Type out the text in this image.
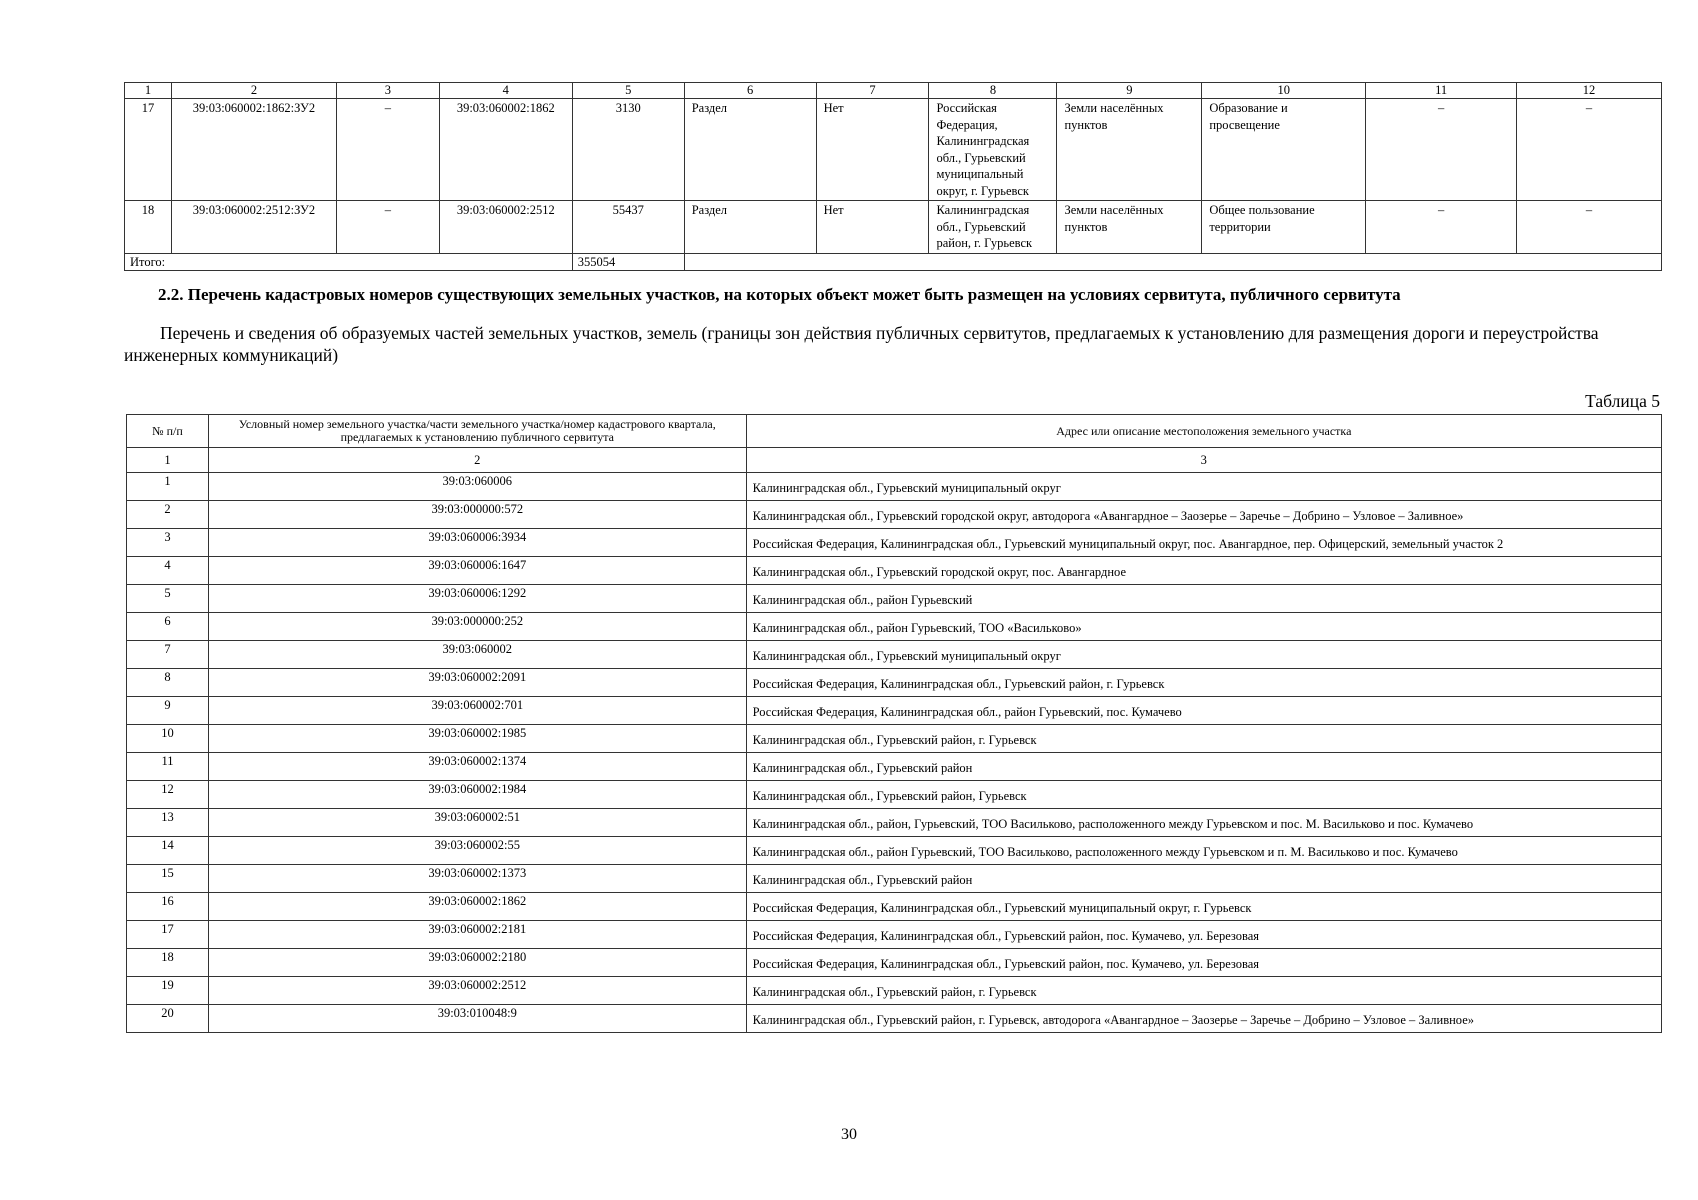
1	2	3	4	5	6	7	8	9	10	11	12
17	39:03:060002:1862:ЗУ2	–	39:03:060002:1862	3130	Раздел	Нет	Российская Федерация, Калининградская обл., Гурьевский муниципальный округ, г. Гурьевск	Земли населённых пунктов	Образование и просвещение	–	–
18	39:03:060002:2512:ЗУ2	–	39:03:060002:2512	55437	Раздел	Нет	Калининградская обл., Гурьевский район, г. Гурьевск	Земли населённых пунктов	Общее пользование территории	–	–
Итого:				355054							
2.2. Перечень кадастровых номеров существующих земельных участков, на которых объект может быть размещен на условиях сервитута, публичного сервитута

Перечень и сведения об образуемых частей земельных участков, земель (границы зон действия публичных сервитутов, предлагаемых к установлению для размещения дороги и переустройства инженерных коммуникаций)

Таблица 5
№ п/п	Условный номер земельного участка/части земельного участка/номер кадастрового квартала, предлагаемых к установлению публичного сервитута	Адрес или описание местоположения земельного участка
1	2	3
1	39:03:060006	Калининградская обл., Гурьевский муниципальный округ
2	39:03:000000:572	Калининградская обл., Гурьевский городской округ, автодорога «Авангардное – Заозерье – Заречье – Добрино – Узловое – Заливное»
3	39:03:060006:3934	Российская Федерация, Калининградская обл., Гурьевский муниципальный округ, пос. Авангардное, пер. Офицерский, земельный участок 2
4	39:03:060006:1647	Калининградская обл., Гурьевский городской округ, пос. Авангардное
5	39:03:060006:1292	Калининградская обл., район Гурьевский
6	39:03:000000:252	Калининградская обл., район Гурьевский, ТОО «Васильково»
7	39:03:060002	Калининградская обл., Гурьевский муниципальный округ
8	39:03:060002:2091	Российская Федерация, Калининградская обл., Гурьевский район, г. Гурьевск
9	39:03:060002:701	Российская Федерация, Калининградская обл., район Гурьевский, пос. Кумачево
10	39:03:060002:1985	Калининградская обл., Гурьевский район, г. Гурьевск
11	39:03:060002:1374	Калининградская обл., Гурьевский район
12	39:03:060002:1984	Калининградская обл., Гурьевский район, Гурьевск
13	39:03:060002:51	Калининградская обл., район, Гурьевский, ТОО Васильково, расположенного между Гурьевском и пос. М. Васильково и пос. Кумачево
14	39:03:060002:55	Калининградская обл., район Гурьевский, ТОО Васильково, расположенного между Гурьевском и п. М. Васильково и пос. Кумачево
15	39:03:060002:1373	Калининградская обл., Гурьевский район
16	39:03:060002:1862	Российская Федерация, Калининградская обл., Гурьевский муниципальный округ, г. Гурьевск
17	39:03:060002:2181	Российская Федерация, Калининградская обл., Гурьевский район, пос. Кумачево, ул. Березовая
18	39:03:060002:2180	Российская Федерация, Калининградская обл., Гурьевский район, пос. Кумачево, ул. Березовая
19	39:03:060002:2512	Калининградская обл., Гурьевский район, г. Гурьевск
20	39:03:010048:9	Калининградская обл., Гурьевский район, г. Гурьевск, автодорога «Авангардное – Заозерье – Заречье – Добрино – Узловое – Заливное»
30
